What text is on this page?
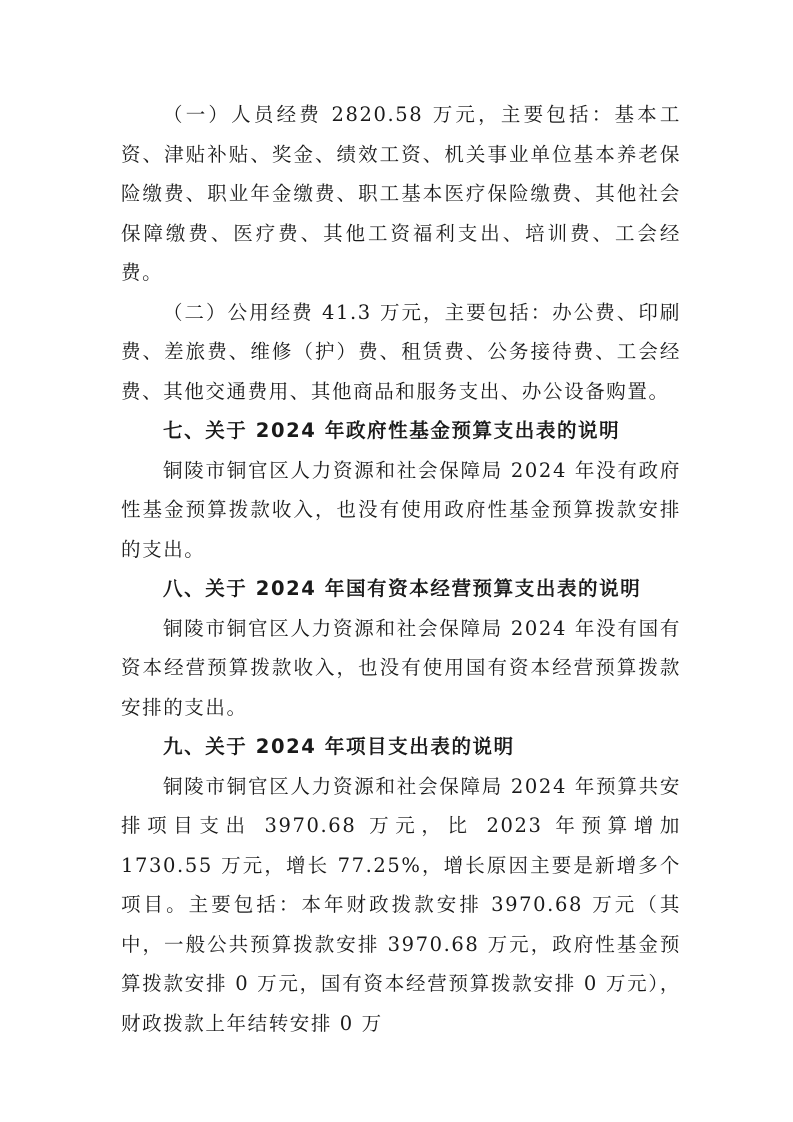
（一）人员经费 2820.58 万元，主要包括：基本工资、津贴补贴、奖金、绩效工资、机关事业单位基本养老保险缴费、职业年金缴费、职工基本医疗保险缴费、其他社会保障缴费、医疗费、其他工资福利支出、培训费、工会经费。

（二）公用经费 41.3 万元，主要包括：办公费、印刷费、差旅费、维修（护）费、租赁费、公务接待费、工会经费、其他交通费用、其他商品和服务支出、办公设备购置。

七、关于 2024 年政府性基金预算支出表的说明

铜陵市铜官区人力资源和社会保障局 2024 年没有政府性基金预算拨款收入，也没有使用政府性基金预算拨款安排的支出。

八、关于 2024 年国有资本经营预算支出表的说明

铜陵市铜官区人力资源和社会保障局 2024 年没有国有资本经营预算拨款收入，也没有使用国有资本经营预算拨款安排的支出。

九、关于 2024 年项目支出表的说明

铜陵市铜官区人力资源和社会保障局 2024 年预算共安排项目支出 3970.68 万元，比 2023 年预算增加 1730.55 万元，增长 77.25%，增长原因主要是新增多个项目。主要包括：本年财政拨款安排 3970.68 万元（其中，一般公共预算拨款安排 3970.68 万元，政府性基金预算拨款安排 0 万元，国有资本经营预算拨款安排 0 万元），财政拨款上年结转安排 0 万
